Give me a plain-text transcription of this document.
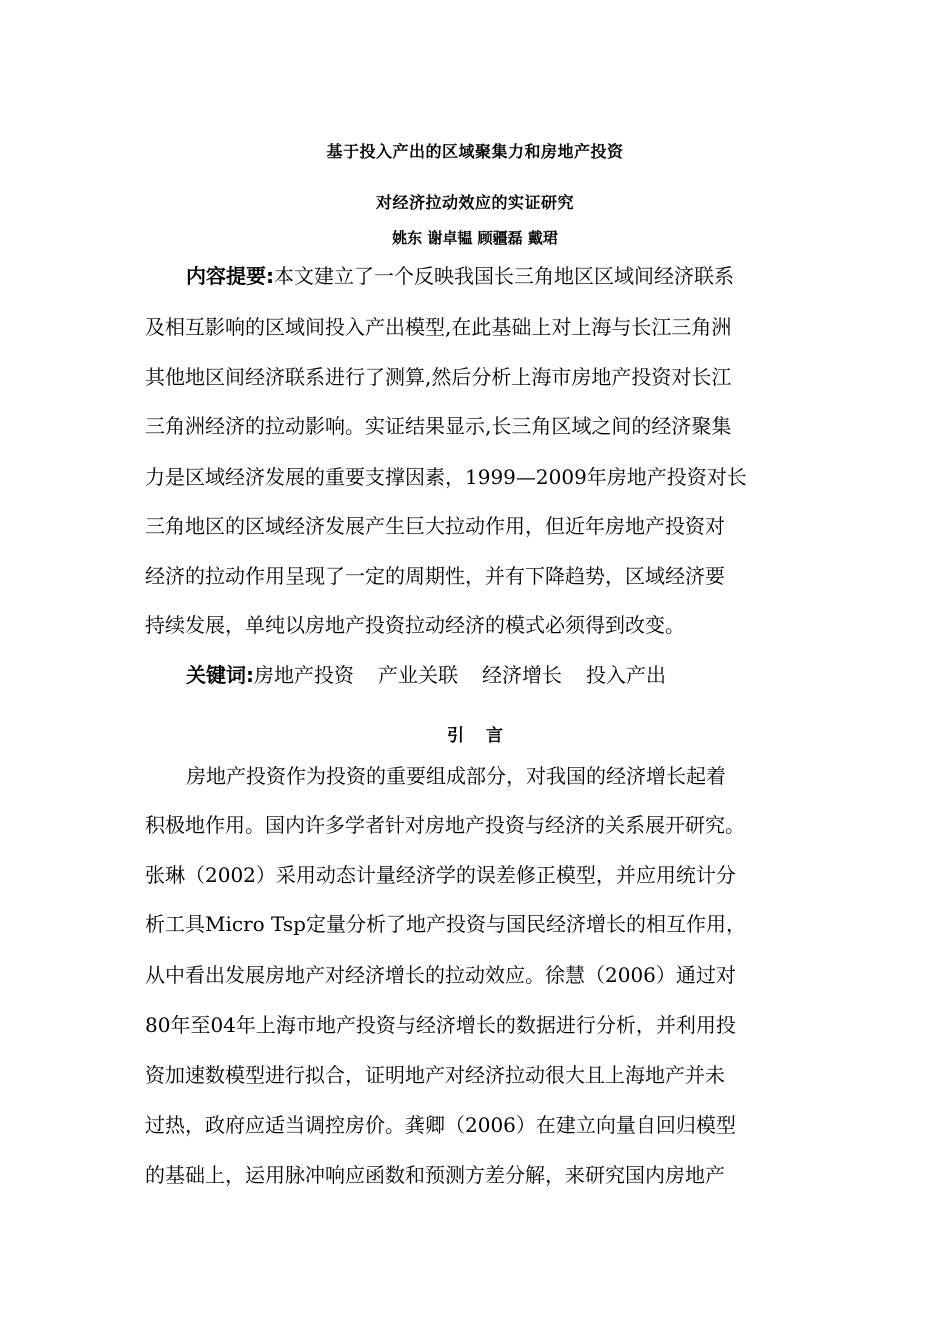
基于投入产出的区域聚集力和房地产投资
对经济拉动效应的实证研究
姚东 谢卓韫 顾疆磊 戴珺
内容提要:本文建立了一个反映我国长三角地区区域间经济联系
及相互影响的区域间投入产出模型,在此基础上对上海与长江三角洲
其他地区间经济联系进行了测算,然后分析上海市房地产投资对长江
三角洲经济的拉动影响。实证结果显示,长三角区域之间的经济聚集
力是区域经济发展的重要支撑因素，1999—2009年房地产投资对长
三角地区的区域经济发展产生巨大拉动作用，但近年房地产投资对
经济的拉动作用呈现了一定的周期性，并有下降趋势，区域经济要
持续发展，单纯以房地产投资拉动经济的模式必须得到改变。
关键词:房地产投资 产业关联 经济增长 投入产出
引言
房地产投资作为投资的重要组成部分，对我国的经济增长起着
积极地作用。国内许多学者针对房地产投资与经济的关系展开研究。
张琳（2002）采用动态计量经济学的误差修正模型，并应用统计分
析工具Micro Tsp定量分析了地产投资与国民经济增长的相互作用，
从中看出发展房地产对经济增长的拉动效应。徐慧（2006）通过对
80年至04年上海市地产投资与经济增长的数据进行分析，并利用投
资加速数模型进行拟合，证明地产对经济拉动很大且上海地产并未
过热，政府应适当调控房价。龚卿（2006）在建立向量自回归模型
的基础上，运用脉冲响应函数和预测方差分解，来研究国内房地产
